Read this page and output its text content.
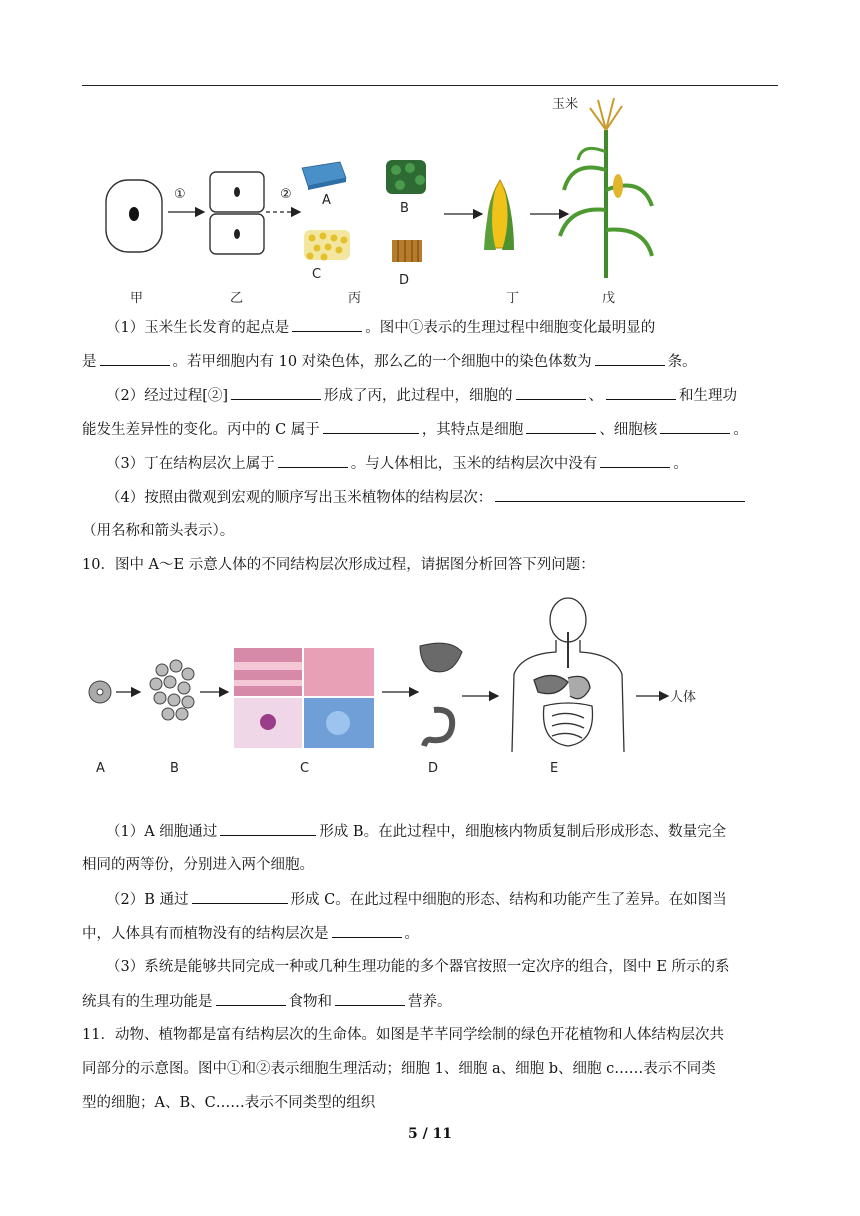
①	② A
C
B
D
玉米
甲	乙	丙	丁	戊
（1）玉米生长发育的起点是	。图中①表示的生理过程中细胞变化最明显的
是	。若甲细胞内有 10 对染色体，那么乙的一个细胞中的染色体数为	条。
（2）经过过程[②]	形成了丙，此过程中，细胞的	、	和生理功
能发生差异性的变化。丙中的 C 属于	，其特点是细胞	、细胞核	。
（3）丁在结构层次上属于	。与人体相比，玉米的结构层次中没有	。
（4）按照由微观到宏观的顺序写出玉米植物体的结构层次：
（用名称和箭头表示）。
10．图中 A～E 示意人体的不同结构层次形成过程，请据图分析回答下列问题：
人体
A	B	C	D	E
（1）A 细胞通过	形成 B。在此过程中，细胞核内物质复制后形成形态、数量完全
相同的两等份，分别进入两个细胞。
（2）B 通过	形成 C。在此过程中细胞的形态、结构和功能产生了差异。在如图当
中，人体具有而植物没有的结构层次是	。
（3）系统是能够共同完成一种或几种生理功能的多个器官按照一定次序的组合，图中 E 所示的系
统具有的生理功能是	食物和	营养。
11．动物、植物都是富有结构层次的生命体。如图是芊芊同学绘制的绿色开花植物和人体结构层次共
同部分的示意图。图中①和②表示细胞生理活动；细胞 1、细胞 a、细胞 b、细胞 c……表示不同类
型的细胞；A、B、C……表示不同类型的组织
5 / 11
